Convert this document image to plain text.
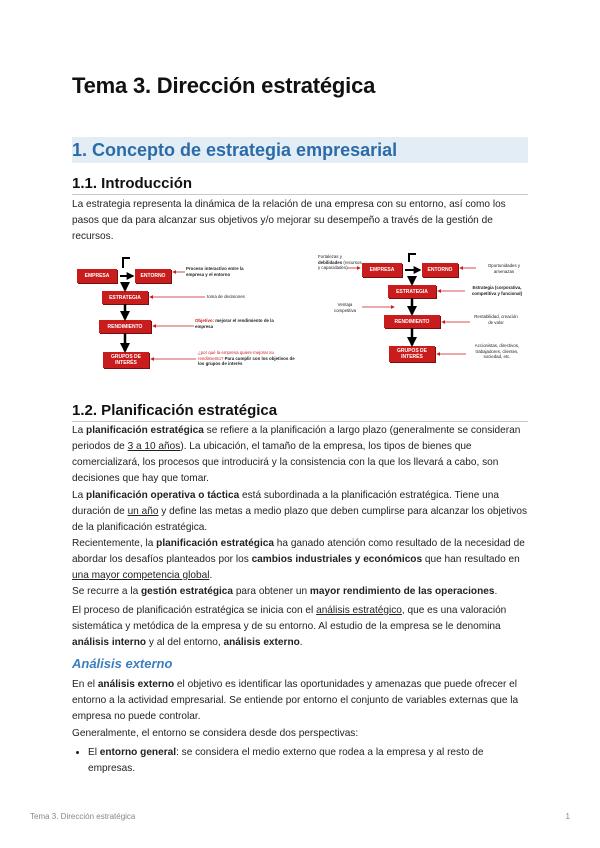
Tema 3. Dirección estratégica
1. Concepto de estrategia empresarial
1.1. Introducción

La estrategia representa la dinámica de la relación de una empresa con su entorno, así como los pasos que da para alcanzar sus objetivos y/o mejorar su desempeño a través de la gestión de recursos.

EMPRESA	ENTORNO
ESTRATEGIA
RENDIMIENTO
GRUPOS DE INTERÉS
Proceso interactivo entre la empresa y el entorno
toma de decisiones
Objetivo: mejorar el rendimiento de la empresa
¿por qué la empresa quiere mejorar su rendimiento? Para cumplir con los objetivos de los grupos de interés
EMPRESA	ENTORNO
ESTRATEGIA
RENDIMIENTO
GRUPOS DE INTERÉS
Fortalezas y debilidades (recursos y capacidades)	Oportunidades y amenazas
Estrategia (corporativa, competitiva y funcional)
Ventaja competitiva
Rentabilidad, creación de valor
Accionistas, directivos, trabajadores, clientes, sociedad, etc.
1.2. Planificación estratégica

La planificación estratégica se refiere a la planificación a largo plazo (generalmente se consideran periodos de 3 a 10 años). La ubicación, el tamaño de la empresa, los tipos de bienes que comercializará, los procesos que introducirá y la consistencia con la que los llevará a cabo, son decisiones que hay que tomar.

La planificación operativa o táctica está subordinada a la planificación estratégica. Tiene una duración de un año y define las metas a medio plazo que deben cumplirse para alcanzar los objetivos de la planificación estratégica.

Recientemente, la planificación estratégica ha ganado atención como resultado de la necesidad de abordar los desafíos planteados por los cambios industriales y económicos que han resultado en una mayor competencia global.

Se recurre a la gestión estratégica para obtener un mayor rendimiento de las operaciones.

El proceso de planificación estratégica se inicia con el análisis estratégico, que es una valoración sistemática y metódica de la empresa y de su entorno. Al estudio de la empresa se le denomina análisis interno y al del entorno, análisis externo.

Análisis externo

En el análisis externo el objetivo es identificar las oportunidades y amenazas que puede ofrecer el entorno a la actividad empresarial. Se entiende por entorno el conjunto de variables externas que la empresa no puede controlar.

Generalmente, el entorno se considera desde dos perspectivas:

• El entorno general: se considera el medio externo que rodea a la empresa y al resto de empresas.
Tema 3. Dirección estratégica	1
